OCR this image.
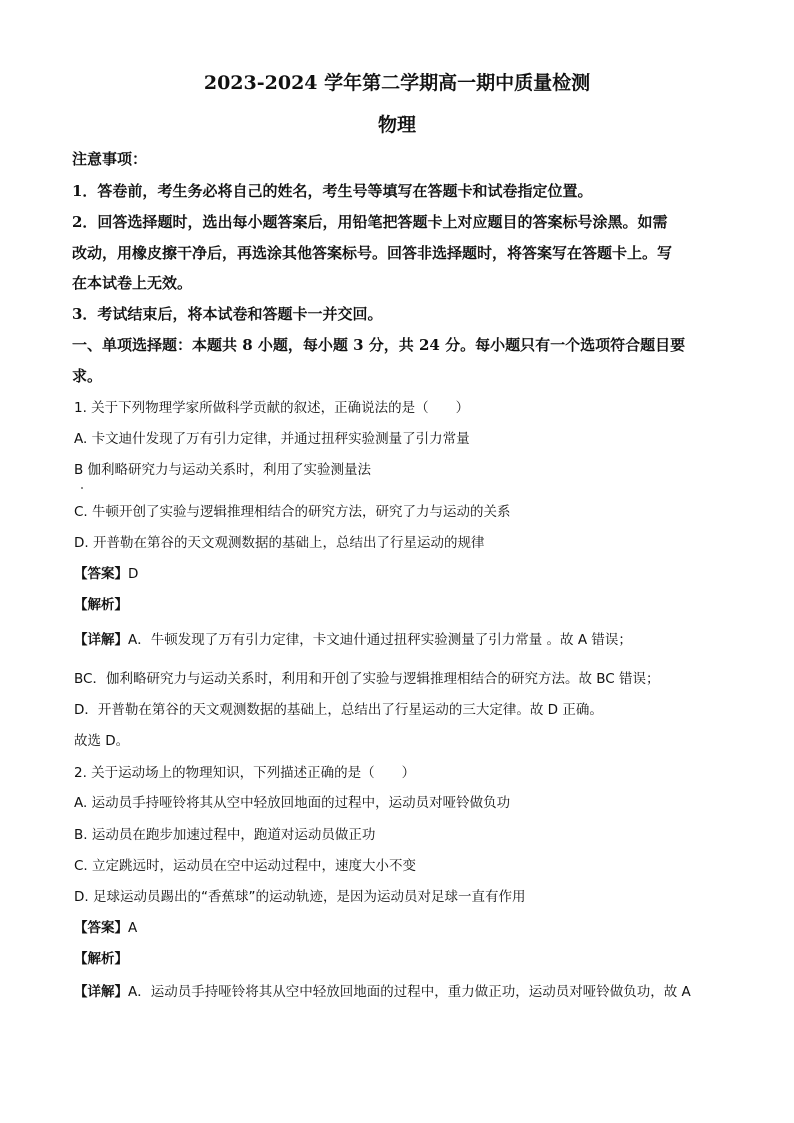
2023-2024 学年第二学期高一期中质量检测
物理
注意事项：
1．答卷前，考生务必将自己的姓名，考生号等填写在答题卡和试卷指定位置。
2．回答选择题时，选出每小题答案后，用铅笔把答题卡上对应题目的答案标号涂黑。如需
改动，用橡皮擦干净后，再选涂其他答案标号。回答非选择题时，将答案写在答题卡上。写
在本试卷上无效。
3．考试结束后，将本试卷和答题卡一并交回。
一、单项选择题：本题共 8 小题，每小题 3 分，共 24 分。每小题只有一个选项符合题目要
求。
1. 关于下列物理学家所做科学贡献的叙述，正确说法的是（　　）
A. 卡文迪什发现了万有引力定律，并通过扭秤实验测量了引力常量
B 伽利略研究力与运动关系时，利用了实验测量法
C. 牛顿开创了实验与逻辑推理相结合的研究方法，研究了力与运动的关系
D. 开普勒在第谷的天文观测数据的基础上，总结出了行星运动的规律
【答案】D
【解析】
【详解】A．牛顿发现了万有引力定律，卡文迪什通过扭秤实验测量了引力常量 。故 A 错误；
BC．伽利略研究力与运动关系时，利用和开创了实验与逻辑推理相结合的研究方法。故 BC 错误；
D．开普勒在第谷的天文观测数据的基础上，总结出了行星运动的三大定律。故 D 正确。
故选 D。
2. 关于运动场上的物理知识，下列描述正确的是（　　）
A. 运动员手持哑铃将其从空中轻放回地面的过程中，运动员对哑铃做负功
B. 运动员在跑步加速过程中，跑道对运动员做正功
C. 立定跳远时，运动员在空中运动过程中，速度大小不变
D. 足球运动员踢出的“香蕉球”的运动轨迹，是因为运动员对足球一直有作用
【答案】A
【解析】
【详解】A．运动员手持哑铃将其从空中轻放回地面的过程中，重力做正功，运动员对哑铃做负功，故 A
